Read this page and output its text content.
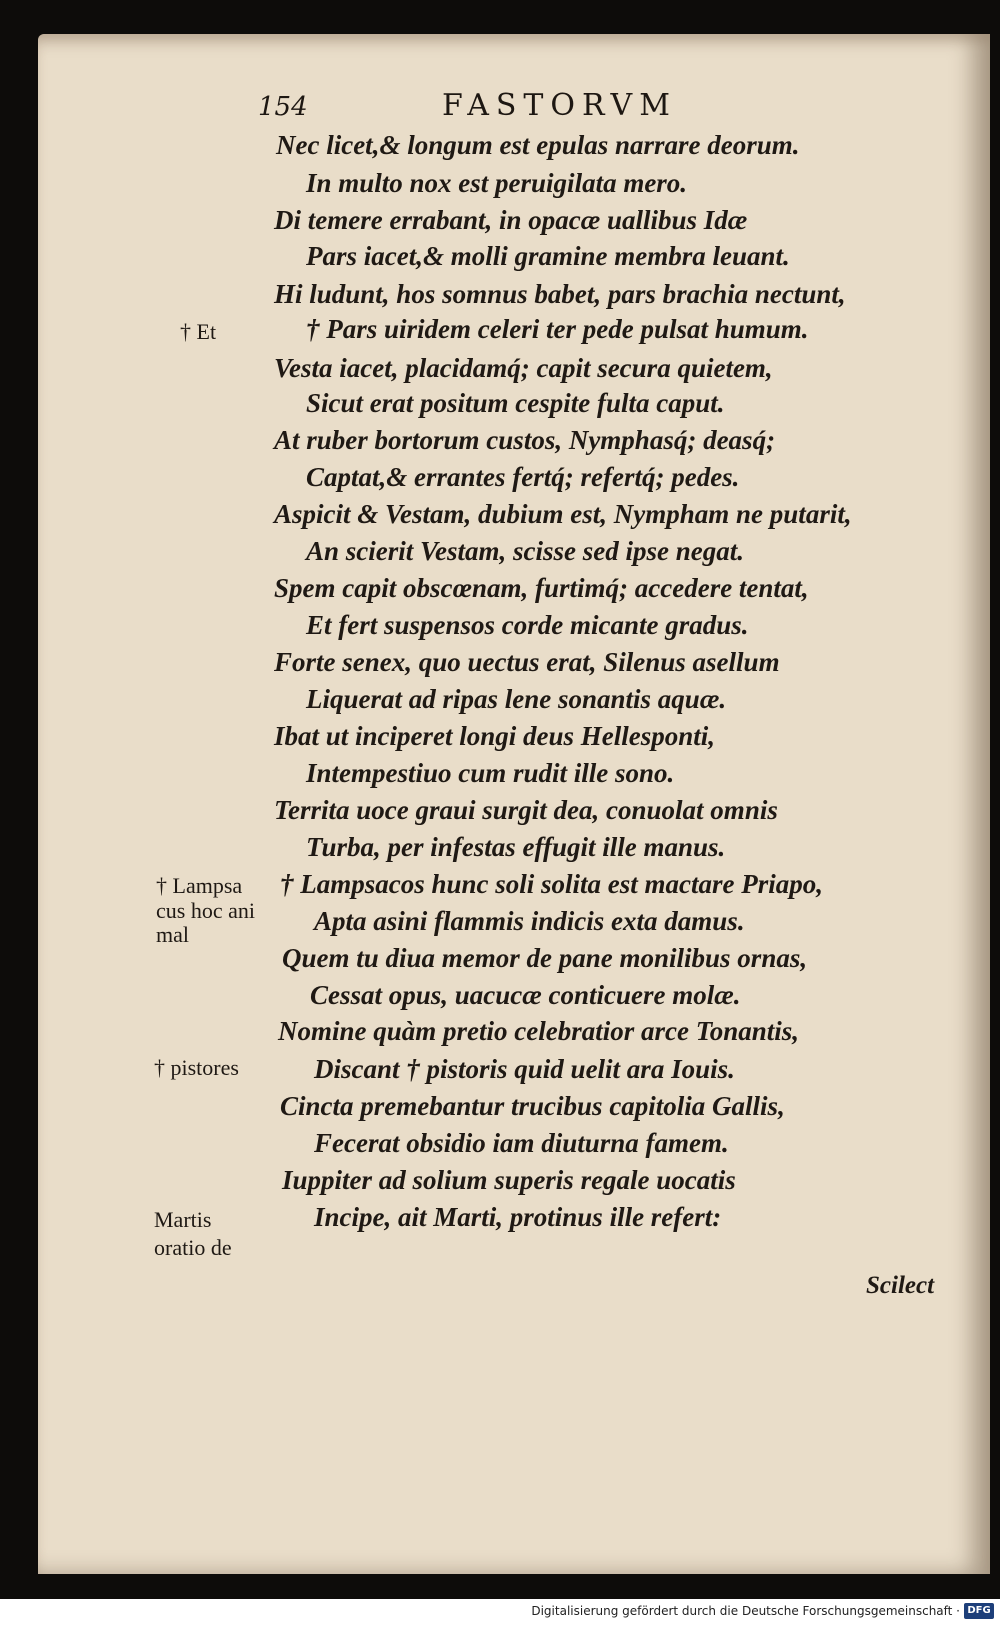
154	FASTORVM
Nec licet,& longum est epulas narrare deorum.
In multo nox est peruigilata mero.
Di temere errabant, in opacæ uallibus Idæ
Pars iacet,& molli gramine membra leuant.
Hi ludunt, hos somnus babet, pars brachia nectunt,
† Pars uiridem celeri ter pede pulsat humum.
Vesta iacet, placidamq́; capit secura quietem,
Sicut erat positum cespite fulta caput.
At ruber bortorum custos, Nymphasq́; deasq́;
Captat,& errantes fertq́; refertq́; pedes.
Aspicit & Vestam, dubium est, Nympham ne putarit,
An scierit Vestam, scisse sed ipse negat.
Spem capit obscœnam, furtimq́; accedere tentat,
Et fert suspensos corde micante gradus.
Forte senex, quo uectus erat, Silenus asellum
Liquerat ad ripas lene sonantis aquæ.
Ibat ut inciperet longi deus Hellesponti,
Intempestiuo cum rudit ille sono.
Territa uoce graui surgit dea, conuolat omnis
Turba, per infestas effugit ille manus.
† Lampsacos hunc soli solita est mactare Priapo,
Apta asini flammis indicis exta damus.
Quem tu diua memor de pane monilibus ornas,
Cessat opus, uacucæ conticuere molæ.
Nomine quàm pretio celebratior arce Tonantis,
Discant † pistoris quid uelit ara Iouis.
Cincta premebantur trucibus capitolia Gallis,
Fecerat obsidio iam diuturna famem.
Iuppiter ad solium superis regale uocatis
Incipe, ait Marti, protinus ille refert:
† Et
† Lampsa
cus hoc ani
mal
† pistores
Martis
oratio de
Scilect
Digitalisierung gefördert durch die Deutsche Forschungsgemeinschaft · DFG
